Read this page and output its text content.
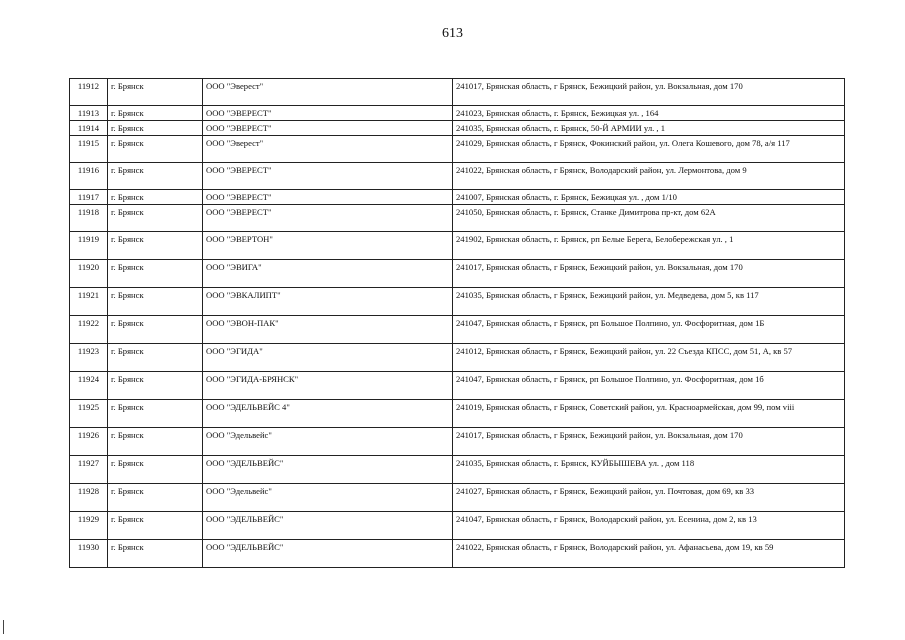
613
11912	г. Брянск	ООО "Эверест"	241017, Брянская область, г Брянск, Бежицкий район, ул. Вокзальная, дом 170
11913	г. Брянск	ООО "ЭВЕРЕСТ"	241023, Брянская область, г. Брянск, Бежицкая ул. , 164
11914	г. Брянск	ООО "ЭВЕРЕСТ"	241035, Брянская область, г. Брянск, 50-Й АРМИИ ул. , 1
11915	г. Брянск	ООО "Эверест"	241029, Брянская область, г Брянск, Фокинский район, ул. Олега Кошевого, дом 78, а/я 117
11916	г. Брянск	ООО "ЭВЕРЕСТ"	241022, Брянская область, г Брянск, Володарский район, ул. Лермонтова, дом 9
11917	г. Брянск	ООО "ЭВЕРЕСТ"	241007, Брянская область, г. Брянск, Бежицкая ул. , дом 1/10
11918	г. Брянск	ООО "ЭВЕРЕСТ"	241050, Брянская область, г. Брянск, Станке Димитрова пр-кт, дом 62А
11919	г. Брянск	ООО "ЭВЕРТОН"	241902, Брянская область, г. Брянск, рп Белые Берега, Белобережская ул. , 1
11920	г. Брянск	ООО "ЭВИГА"	241017, Брянская область, г Брянск, Бежицкий район, ул. Вокзальная, дом 170
11921	г. Брянск	ООО "ЭВКАЛИПТ"	241035, Брянская область, г Брянск, Бежицкий район, ул. Медведева, дом 5, кв 117
11922	г. Брянск	ООО "ЭВОН-ПАК"	241047, Брянская область, г Брянск, рп Большое Полпино, ул. Фосфоритная, дом 1Б
11923	г. Брянск	ООО "ЭГИДА"	241012, Брянская область, г Брянск, Бежицкий район, ул. 22 Съезда КПСС, дом 51, А, кв 57
11924	г. Брянск	ООО "ЭГИДА-БРЯНСК"	241047, Брянская область, г Брянск, рп Большое Полпино, ул. Фосфоритная, дом 1б
11925	г. Брянск	ООО "ЭДЕЛЬВЕЙС 4"	241019, Брянская область, г Брянск, Советский район, ул. Красноармейская, дом 99, пом viii
11926	г. Брянск	ООО "Эдельвейс"	241017, Брянская область, г Брянск, Бежицкий район, ул. Вокзальная, дом 170
11927	г. Брянск	ООО "ЭДЕЛЬВЕЙС"	241035, Брянская область, г. Брянск, КУЙБЫШЕВА ул. , дом 118
11928	г. Брянск	ООО "Эдельвейс"	241027, Брянская область, г Брянск, Бежицкий район, ул. Почтовая, дом 69, кв 33
11929	г. Брянск	ООО "ЭДЕЛЬВЕЙС"	241047, Брянская область, г Брянск, Володарский район, ул. Есенина, дом 2, кв 13
11930	г. Брянск	ООО "ЭДЕЛЬВЕЙС"	241022, Брянская область, г Брянск, Володарский район, ул. Афанасьева, дом 19, кв 59
